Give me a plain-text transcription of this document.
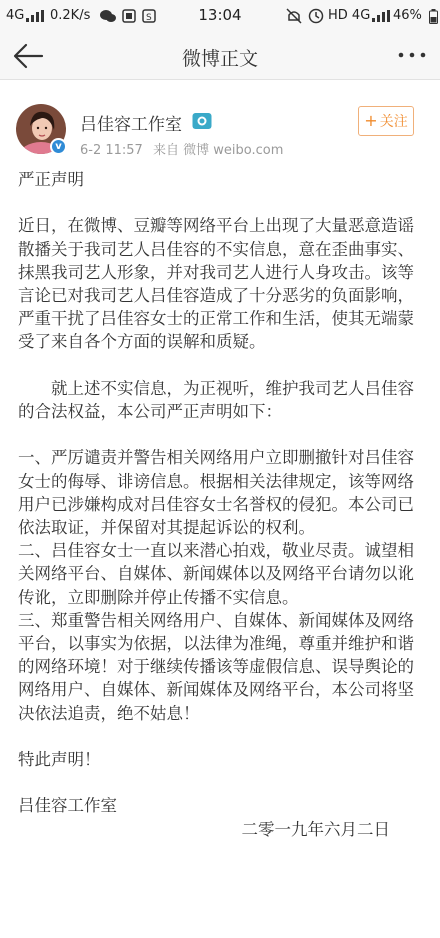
4G 0.2K/s	S	13:04	HD 4G 46%
微博正文
v
吕佳容工作室
6-2 11:57 来自 微博 weibo.com
+ 关注
严正声明
近日，在微博、豆瓣等网络平台上出现了大量恶意造谣散播关于我司艺人吕佳容的不实信息，意在歪曲事实、抹黑我司艺人形象，并对我司艺人进行人身攻击。该等言论已对我司艺人吕佳容造成了十分恶劣的负面影响，严重干扰了吕佳容女士的正常工作和生活，使其无端蒙受了来自各个方面的误解和质疑。
就上述不实信息，为正视听，维护我司艺人吕佳容的合法权益，本公司严正声明如下：
一、严厉谴责并警告相关网络用户立即删撤针对吕佳容女士的侮辱、诽谤信息。根据相关法律规定，该等网络用户已涉嫌构成对吕佳容女士名誉权的侵犯。本公司已依法取证，并保留对其提起诉讼的权利。
二、吕佳容女士一直以来潜心拍戏，敬业尽责。诚望相关网络平台、自媒体、新闻媒体以及网络平台请勿以讹传讹，立即删除并停止传播不实信息。
三、郑重警告相关网络用户、自媒体、新闻媒体及网络平台，以事实为依据，以法律为准绳，尊重并维护和谐的网络环境！对于继续传播该等虚假信息、误导舆论的网络用户、自媒体、新闻媒体及网络平台，本公司将坚决依法追责，绝不姑息！
特此声明！
吕佳容工作室
二零一九年六月二日
